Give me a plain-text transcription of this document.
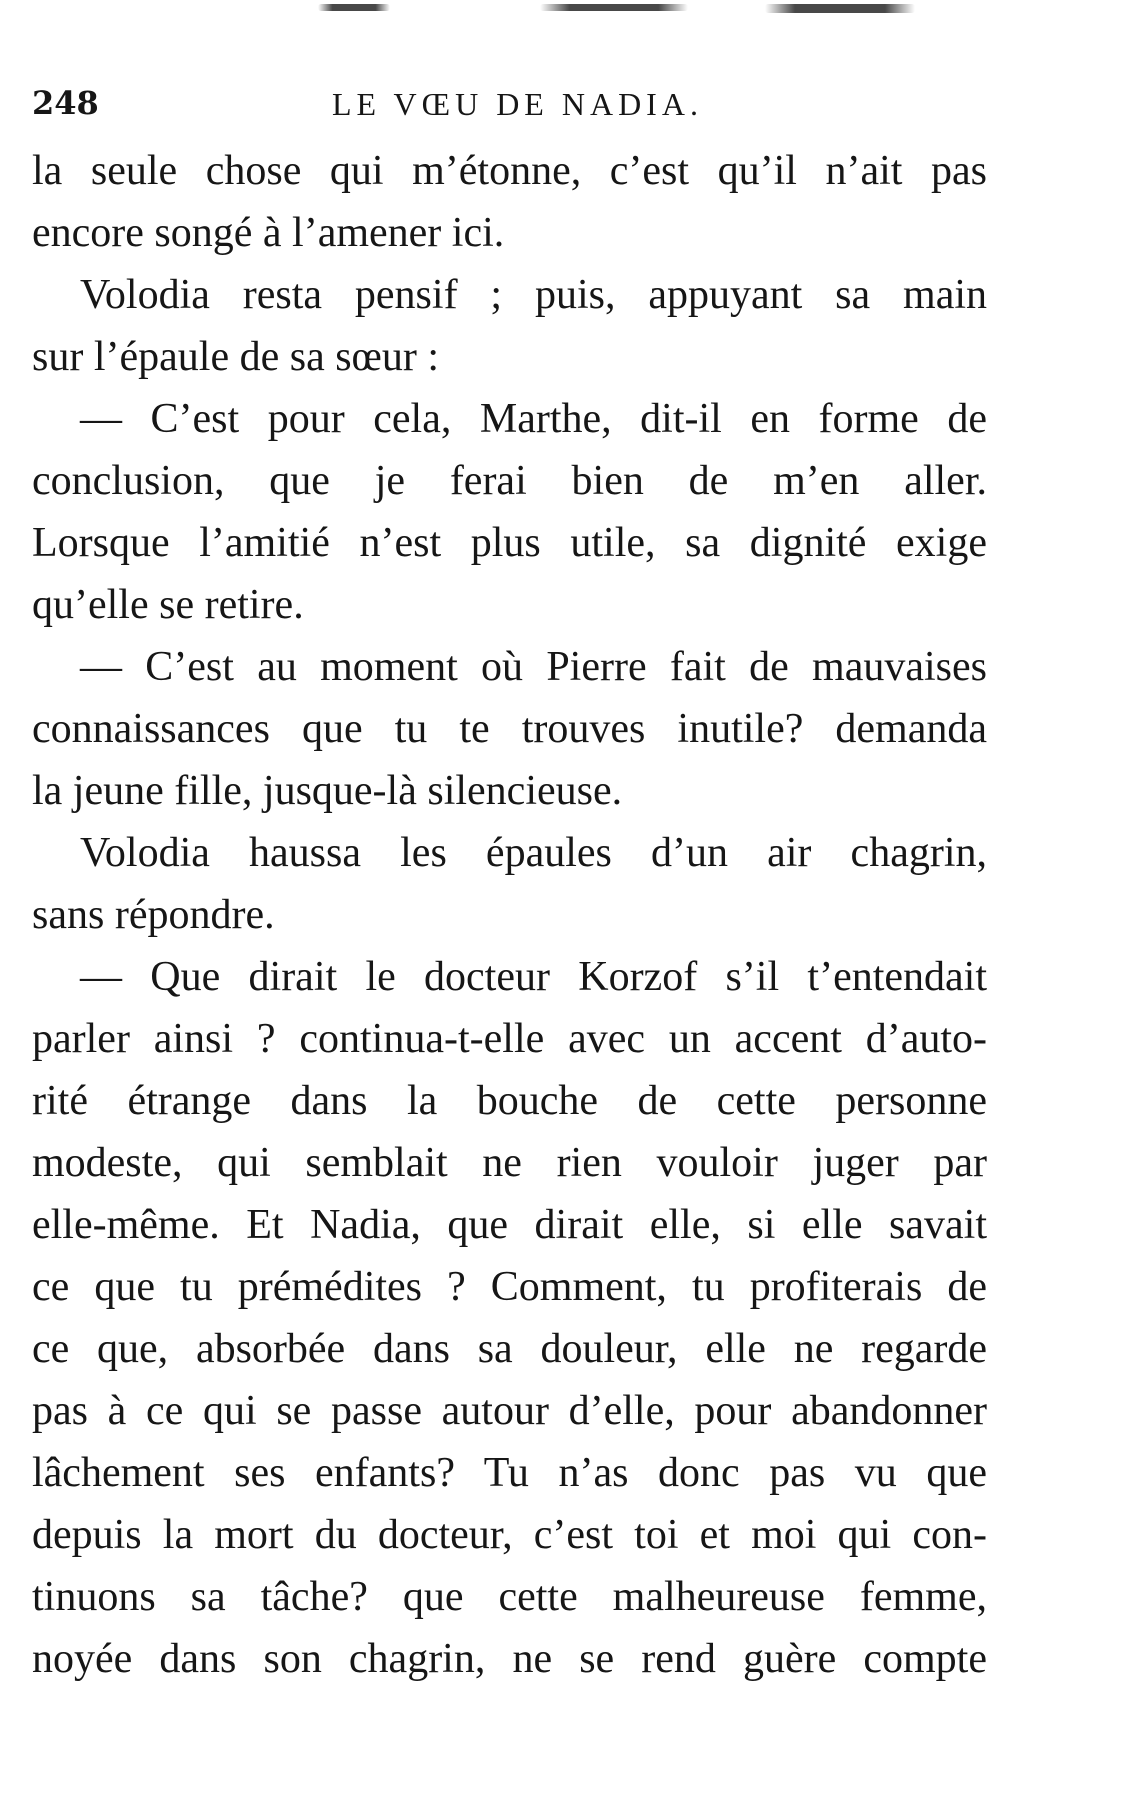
248	LE VŒU DE NADIA.
la seule chose qui m’étonne, c’est qu’il n’ait pas
encore songé à l’amener ici.
Volodia resta pensif ; puis, appuyant sa main
sur l’épaule de sa sœur :
— C’est pour cela, Marthe, dit-il en forme de
conclusion, que je ferai bien de m’en aller.
Lorsque l’amitié n’est plus utile, sa dignité exige
qu’elle se retire.
— C’est au moment où Pierre fait de mauvaises
connaissances que tu te trouves inutile? demanda
la jeune fille, jusque-là silencieuse.
Volodia haussa les épaules d’un air chagrin,
sans répondre.
— Que dirait le docteur Korzof s’il t’entendait
parler ainsi ? continua-t-elle avec un accent d’auto-
rité étrange dans la bouche de cette personne
modeste, qui semblait ne rien vouloir juger par
elle-même. Et Nadia, que dirait elle, si elle savait
ce que tu prémédites ? Comment, tu profiterais de
ce que, absorbée dans sa douleur, elle ne regarde
pas à ce qui se passe autour d’elle, pour abandonner
lâchement ses enfants? Tu n’as donc pas vu que
depuis la mort du docteur, c’est toi et moi qui con-
tinuons sa tâche? que cette malheureuse femme,
noyée dans son chagrin, ne se rend guère compte
